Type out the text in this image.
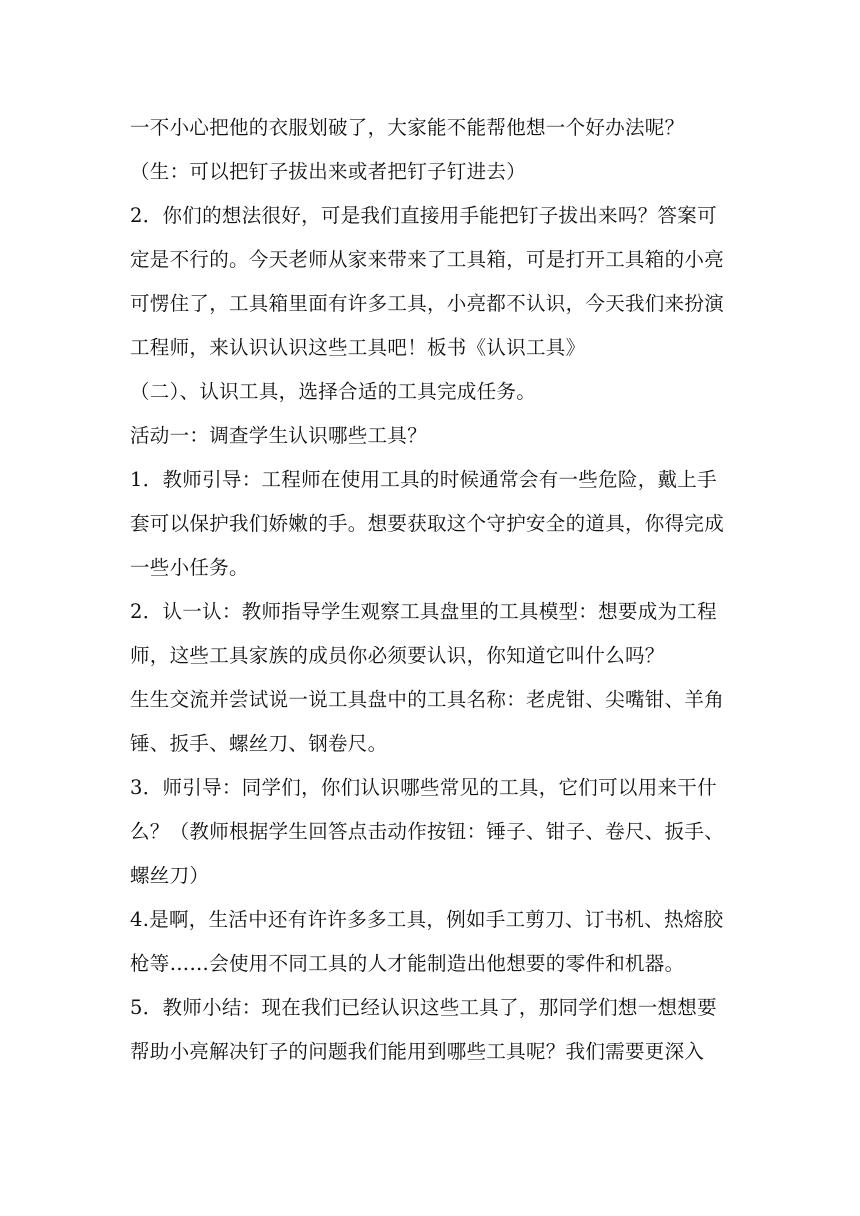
一不小心把他的衣服划破了，大家能不能帮他想一个好办法呢？
（生：可以把钉子拔出来或者把钉子钉进去）
2．你们的想法很好，可是我们直接用手能把钉子拔出来吗？答案可
定是不行的。今天老师从家来带来了工具箱，可是打开工具箱的小亮
可愣住了，工具箱里面有许多工具，小亮都不认识，今天我们来扮演
工程师，来认识认识这些工具吧！板书《认识工具》
（二）、认识工具，选择合适的工具完成任务。
活动一：调查学生认识哪些工具？
1．教师引导：工程师在使用工具的时候通常会有一些危险，戴上手
套可以保护我们娇嫩的手。想要获取这个守护安全的道具，你得完成
一些小任务。
2．认一认：教师指导学生观察工具盘里的工具模型：想要成为工程
师，这些工具家族的成员你必须要认识，你知道它叫什么吗？
生生交流并尝试说一说工具盘中的工具名称：老虎钳、尖嘴钳、羊角
锤、扳手、螺丝刀、钢卷尺。
3．师引导：同学们，你们认识哪些常见的工具，它们可以用来干什
么？（教师根据学生回答点击动作按钮：锤子、钳子、卷尺、扳手、
螺丝刀）
4.是啊，生活中还有许许多多工具，例如手工剪刀、订书机、热熔胶
枪等……会使用不同工具的人才能制造出他想要的零件和机器。
5．教师小结：现在我们已经认识这些工具了，那同学们想一想想要
帮助小亮解决钉子的问题我们能用到哪些工具呢？我们需要更深入
